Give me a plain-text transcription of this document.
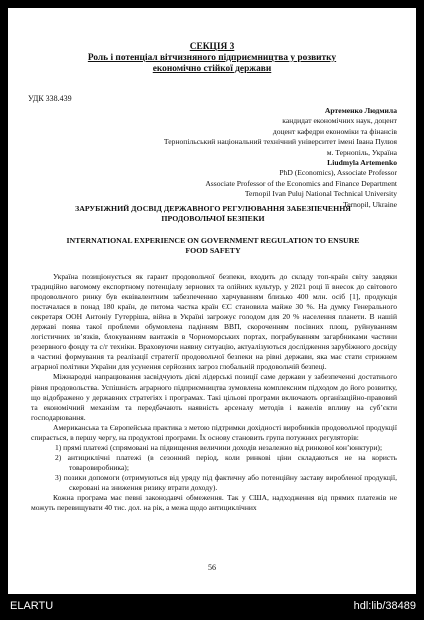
СЕКЦІЯ 3
Роль і потенціал вітчизняного підприємництва у розвитку
економічно стійкої держави
УДК 338.439
Артеменко Людмила
кандидат економічних наук, доцент
доцент кафедри економіки та фінансів
Тернопільський національний технічний університет імені Івана Пулюя
м. Тернопіль, Україна
Liudmyla Artemenko
PhD (Economics), Associate Professor
Associate Professor of the Economics and Finance Department
Ternopil Ivan Puluj National Technical University
Ternopil, Ukraine
ЗАРУБІЖНИЙ ДОСВІД ДЕРЖАВНОГО РЕГУЛЮВАННЯ ЗАБЕЗПЕЧЕННЯ
ПРОДОВОЛЬЧОЇ БЕЗПЕКИ
INTERNATIONAL EXPERIENCE ON GOVERNMENT REGULATION TO ENSURE
FOOD SAFETY

Україна позиціонується як гарант продовольчої безпеки, входить до складу топ-країн світу завдяки традиційно вагомому експортному потенціалу зернових та олійних культур, у 2021 році її внесок до світового продовольчого ринку був еквівалентним забезпеченню харчуванням близько 400 млн. осіб [1], продукція постачалася в понад 180 країн, де питома частка країн ЄС становила майже 30 %. На думку Генерального секретаря ООН Антоніу Гутерріша, війна в Україні загрожує голодом для 20 % населення планети. В нашій державі поява такої проблеми обумовлена падінням ВВП, скороченням посівних площ, руйнуванням логістичних зв’язків, блокуванням вантажів в Чорноморських портах, пограбуванням загарбниками частини резервного фонду та с/г техніки. Враховуючи наявну ситуацію, актуалізуються дослідження зарубіжного досвіду в частині формування та реалізації стратегії продовольчої безпеки на рівні держави, яка має стати стрижнем аграрної політики України для усунення серйозних загроз глобальній продовольчій безпеці.

Міжнародні напрацювання засвідчують дієві лідерські позиції саме держави у забезпеченні достатнього рівня продовольства. Успішність аграрного підприємництва зумовлена комплексним підходом до його розвитку, що відображено у державних стратегіях і програмах. Такі цільові програми включають організаційно-правовий та економічний механізм та передбачають наявність арсеналу методів і важелів впливу на суб’єкти господарювання.

Американська та Європейська практика з метою підтримки дохідності виробників продовольчої продукції спирається, в першу чергу, на продуктові програми. Їх основу становить група потужних регуляторів:

1) прямі платежі (спрямовані на підвищення величини доходів незалежно від ринкової кон’юнктури);
2) антициклічні платежі (в сезонний період, коли ринкові ціни складаються не на користь товаровиробника);
3) позики допомоги (отримуються від уряду під фактичну або потенційну заставу виробленої продукції, скеровані на зниження ризику втрати доходу).

Кожна програма має певні законодавчі обмеження. Так у США, надходження від прямих платежів не можуть перевищувати 40 тис. дол. на рік, а межа щодо антициклічних

56
ELARTU	hdl:lib/38489
